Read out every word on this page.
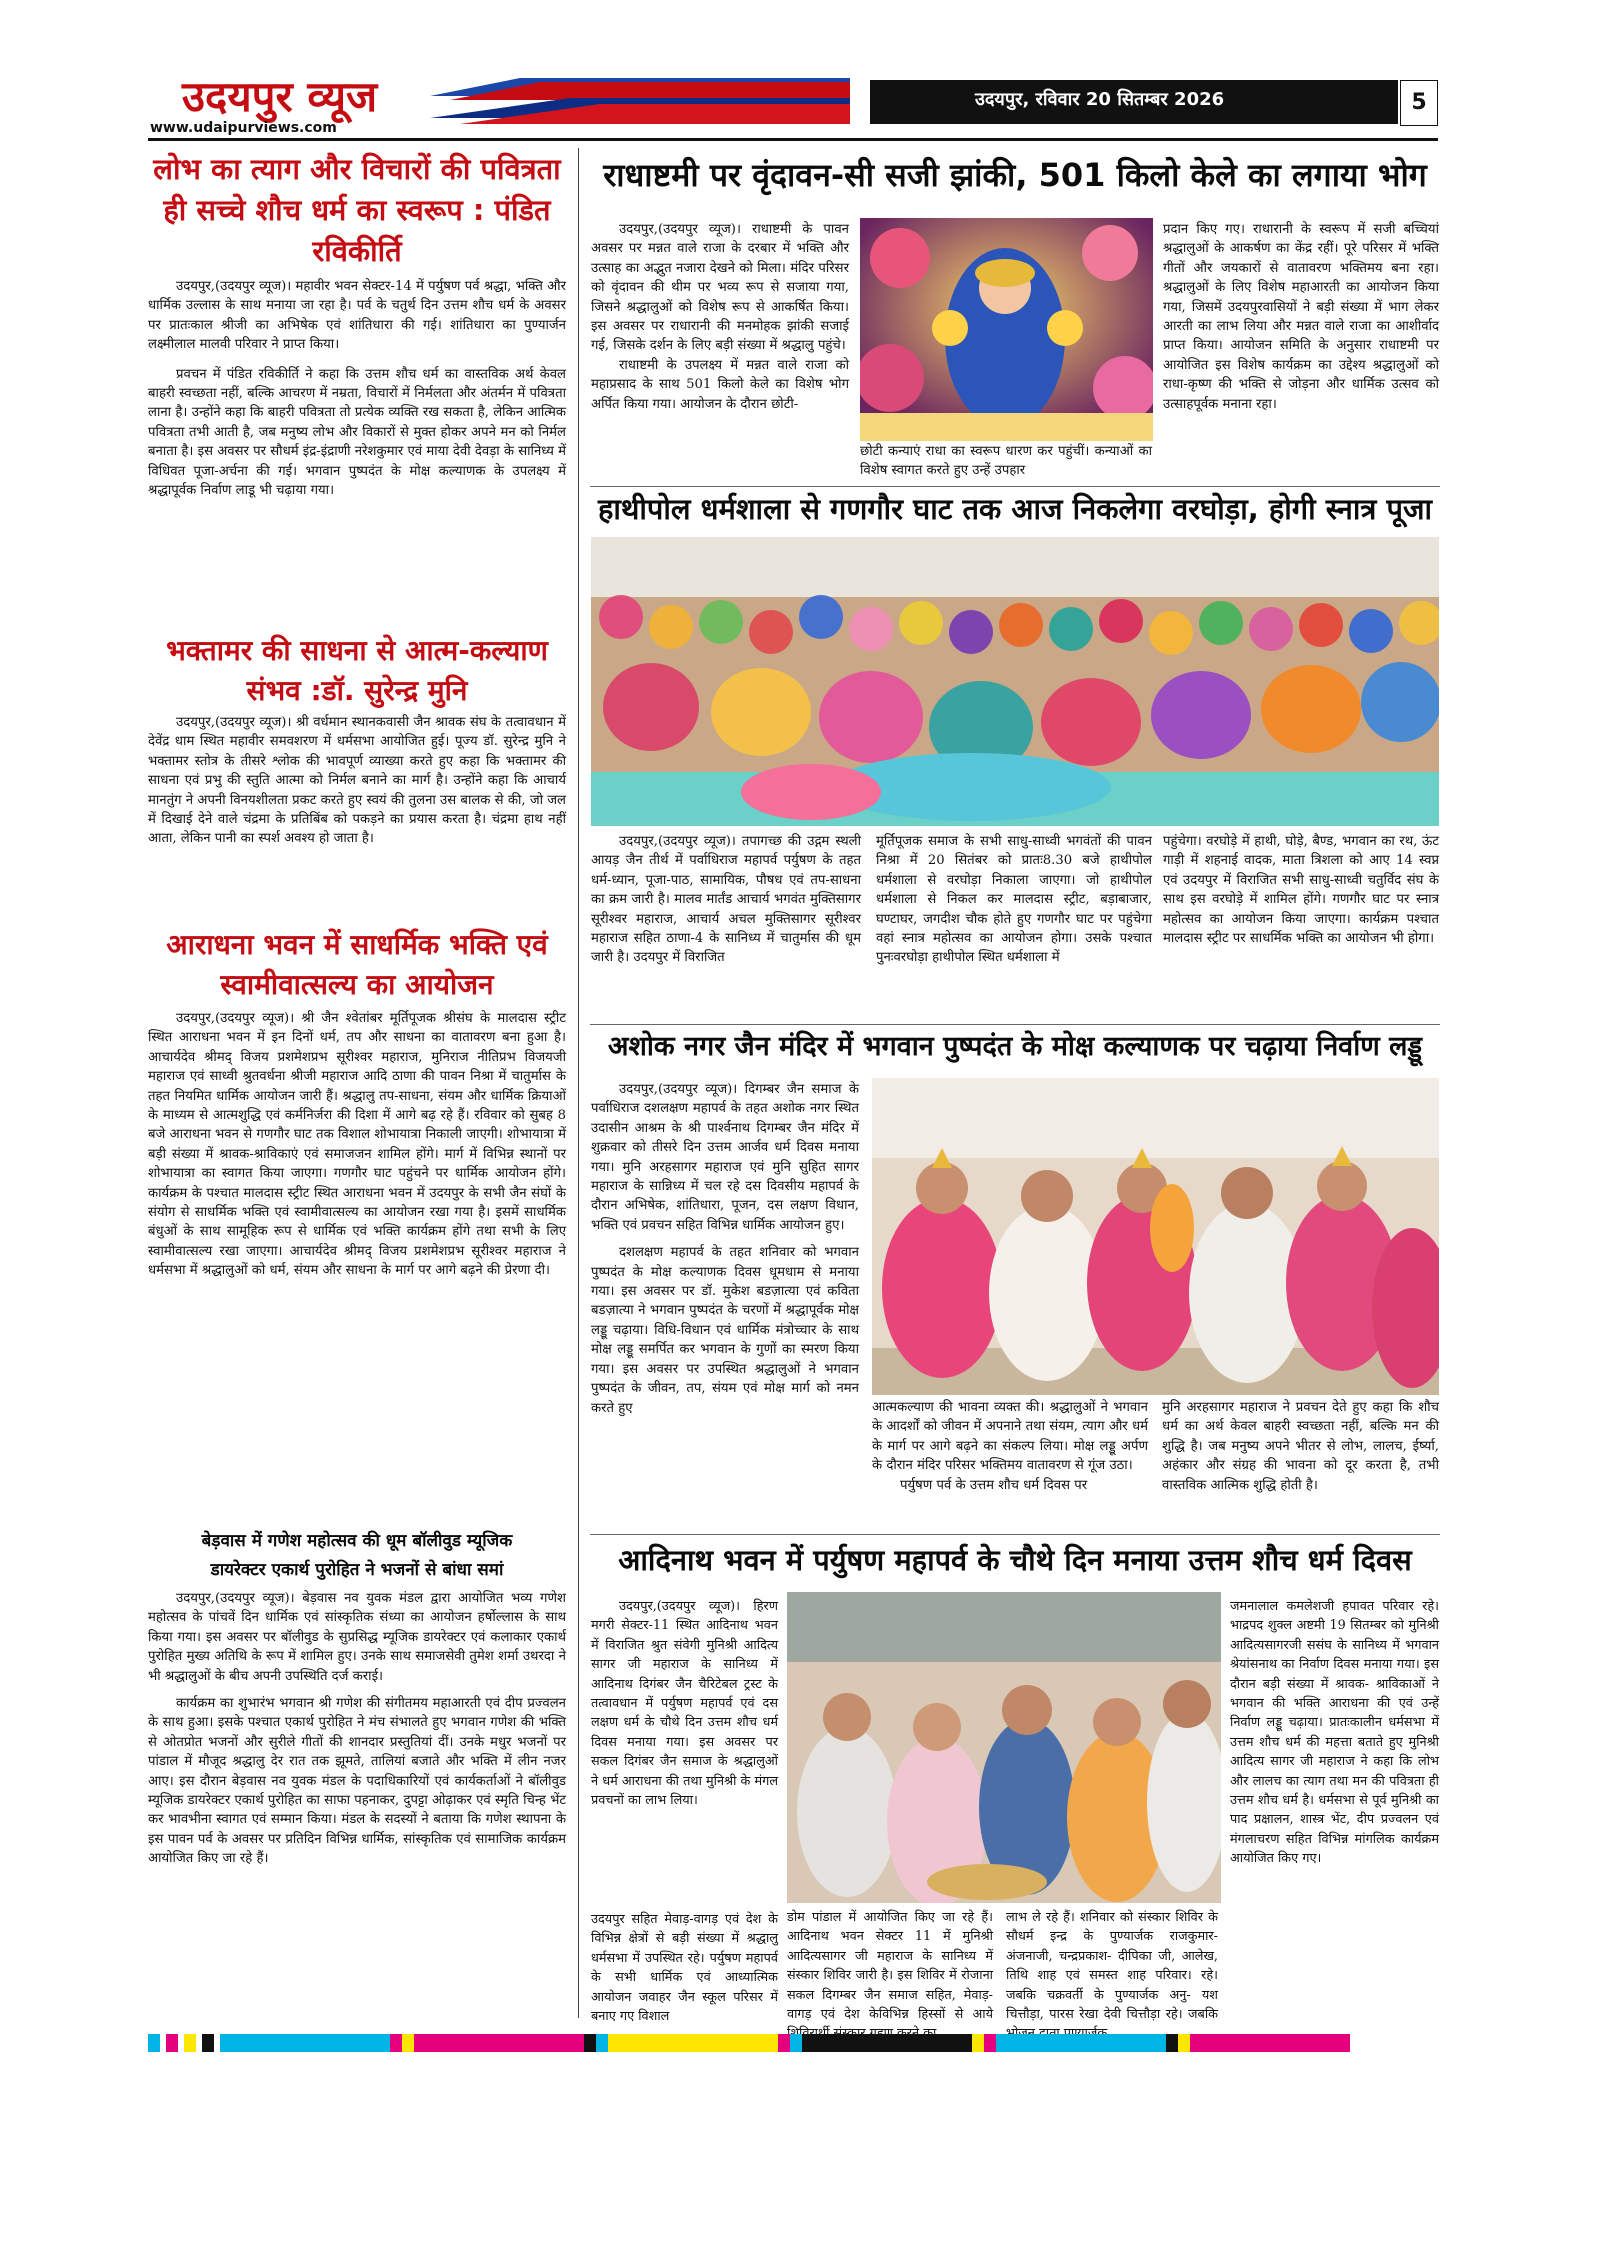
उदयपुर व्यूज
www.udaipurviews.com
उदयपुर, रविवार 20 सितम्बर 2026	5
लोभ का त्याग और विचारों की पवित्रता ही सच्चे शौच धर्म का स्वरूप : पंडित रविकीर्ति

उदयपुर,(उदयपुर व्यूज)। महावीर भवन सेक्टर-14 में पर्युषण पर्व श्रद्धा, भक्ति और धार्मिक उल्लास के साथ मनाया जा रहा है। पर्व के चतुर्थ दिन उत्तम शौच धर्म के अवसर पर प्रातःकाल श्रीजी का अभिषेक एवं शांतिधारा की गई। शांतिधारा का पुण्यार्जन लक्ष्मीलाल मालवी परिवार ने प्राप्त किया।

प्रवचन में पंडित रविकीर्ति ने कहा कि उत्तम शौच धर्म का वास्तविक अर्थ केवल बाहरी स्वच्छता नहीं, बल्कि आचरण में नम्रता, विचारों में निर्मलता और अंतर्मन में पवित्रता लाना है। उन्होंने कहा कि बाहरी पवित्रता तो प्रत्येक व्यक्ति रख सकता है, लेकिन आत्मिक पवित्रता तभी आती है, जब मनुष्य लोभ और विकारों से मुक्त होकर अपने मन को निर्मल बनाता है। इस अवसर पर सौधर्म इंद्र-इंद्राणी नरेशकुमार एवं माया देवी देवड़ा के सानिध्य में विधिवत पूजा-अर्चना की गई। भगवान पुष्पदंत के मोक्ष कल्याणक के उपलक्ष्य में श्रद्धापूर्वक निर्वाण लाडू भी चढ़ाया गया।

भक्तामर की साधना से आत्म-कल्याण संभव :डॉ. सुरेन्द्र मुनि

उदयपुर,(उदयपुर व्यूज)। श्री वर्धमान स्थानकवासी जैन श्रावक संघ के तत्वावधान में देवेंद्र धाम स्थित महावीर समवशरण में धर्मसभा आयोजित हुई। पूज्य डॉ. सुरेन्द्र मुनि ने भक्तामर स्तोत्र के तीसरे श्लोक की भावपूर्ण व्याख्या करते हुए कहा कि भक्तामर की साधना एवं प्रभु की स्तुति आत्मा को निर्मल बनाने का मार्ग है। उन्होंने कहा कि आचार्य मानतुंग ने अपनी विनयशीलता प्रकट करते हुए स्वयं की तुलना उस बालक से की, जो जल में दिखाई देने वाले चंद्रमा के प्रतिबिंब को पकड़ने का प्रयास करता है। चंद्रमा हाथ नहीं आता, लेकिन पानी का स्पर्श अवश्य हो जाता है।

आराधना भवन में साधर्मिक भक्ति एवं स्वामीवात्सल्य का आयोजन

उदयपुर,(उदयपुर व्यूज)। श्री जैन श्वेतांबर मूर्तिपूजक श्रीसंघ के मालदास स्ट्रीट स्थित आराधना भवन में इन दिनों धर्म, तप और साधना का वातावरण बना हुआ है। आचार्यदेव श्रीमद् विजय प्रशमेशप्रभ सूरीश्वर महाराज, मुनिराज नीतिप्रभ विजयजी महाराज एवं साध्वी श्रुतवर्धना श्रीजी महाराज आदि ठाणा की पावन निश्रा में चातुर्मास के तहत नियमित धार्मिक आयोजन जारी हैं। श्रद्धालु तप-साधना, संयम और धार्मिक क्रियाओं के माध्यम से आत्मशुद्धि एवं कर्मनिर्जरा की दिशा में आगे बढ़ रहे हैं। रविवार को सुबह 8 बजे आराधना भवन से गणगौर घाट तक विशाल शोभायात्रा निकाली जाएगी। शोभायात्रा में बड़ी संख्या में श्रावक-श्राविकाएं एवं समाजजन शामिल होंगे। मार्ग में विभिन्न स्थानों पर शोभायात्रा का स्वागत किया जाएगा। गणगौर घाट पहुंचने पर धार्मिक आयोजन होंगे। कार्यक्रम के पश्चात मालदास स्ट्रीट स्थित आराधना भवन में उदयपुर के सभी जैन संघों के संयोग से साधर्मिक भक्ति एवं स्वामीवात्सल्य का आयोजन रखा गया है। इसमें साधर्मिक बंधुओं के साथ सामूहिक रूप से धार्मिक एवं भक्ति कार्यक्रम होंगे तथा सभी के लिए स्वामीवात्सल्य रखा जाएगा। आचार्यदेव श्रीमद् विजय प्रशमेशप्रभ सूरीश्वर महाराज ने धर्मसभा में श्रद्धालुओं को धर्म, संयम और साधना के मार्ग पर आगे बढ़ने की प्रेरणा दी।

बेड़वास में गणेश महोत्सव की धूम बॉलीवुड म्यूजिक
डायरेक्टर एकार्थ पुरोहित ने भजनों से बांधा समां

उदयपुर,(उदयपुर व्यूज)। बेड़वास नव युवक मंडल द्वारा आयोजित भव्य गणेश महोत्सव के पांचवें दिन धार्मिक एवं सांस्कृतिक संध्या का आयोजन हर्षोल्लास के साथ किया गया। इस अवसर पर बॉलीवुड के सुप्रसिद्ध म्यूजिक डायरेक्टर एवं कलाकार एकार्थ पुरोहित मुख्य अतिथि के रूप में शामिल हुए। उनके साथ समाजसेवी तुमेश शर्मा उथरदा ने भी श्रद्धालुओं के बीच अपनी उपस्थिति दर्ज कराई।

कार्यक्रम का शुभारंभ भगवान श्री गणेश की संगीतमय महाआरती एवं दीप प्रज्वलन के साथ हुआ। इसके पश्चात एकार्थ पुरोहित ने मंच संभालते हुए भगवान गणेश की भक्ति से ओतप्रोत भजनों और सुरीले गीतों की शानदार प्रस्तुतियां दीं। उनके मधुर भजनों पर पांडाल में मौजूद श्रद्धालु देर रात तक झूमते, तालियां बजाते और भक्ति में लीन नजर आए। इस दौरान बेड़वास नव युवक मंडल के पदाधिकारियों एवं कार्यकर्ताओं ने बॉलीवुड म्यूजिक डायरेक्टर एकार्थ पुरोहित का साफा पहनाकर, दुपट्टा ओढ़ाकर एवं स्मृति चिन्ह भेंट कर भावभीना स्वागत एवं सम्मान किया। मंडल के सदस्यों ने बताया कि गणेश स्थापना के इस पावन पर्व के अवसर पर प्रतिदिन विभिन्न धार्मिक, सांस्कृतिक एवं सामाजिक कार्यक्रम आयोजित किए जा रहे हैं।

राधाष्टमी पर वृंदावन-सी सजी झांकी, 501 किलो केले का लगाया भोग

उदयपुर,(उदयपुर व्यूज)। राधाष्टमी के पावन अवसर पर मन्नत वाले राजा के दरबार में भक्ति और उत्साह का अद्भुत नजारा देखने को मिला। मंदिर परिसर को वृंदावन की थीम पर भव्य रूप से सजाया गया, जिसने श्रद्धालुओं को विशेष रूप से आकर्षित किया। इस अवसर पर राधारानी की मनमोहक झांकी सजाई गई, जिसके दर्शन के लिए बड़ी संख्या में श्रद्धालु पहुंचे।

राधाष्टमी के उपलक्ष्य में मन्नत वाले राजा को महाप्रसाद के साथ 501 किलो केले का विशेष भोग अर्पित किया गया। आयोजन के दौरान छोटी-

छोटी कन्याएं राधा का स्वरूप धारण कर पहुंचीं। कन्याओं का विशेष स्वागत करते हुए उन्हें उपहार

प्रदान किए गए। राधारानी के स्वरूप में सजी बच्चियां श्रद्धालुओं के आकर्षण का केंद्र रहीं। पूरे परिसर में भक्ति गीतों और जयकारों से वातावरण भक्तिमय बना रहा। श्रद्धालुओं के लिए विशेष महाआरती का आयोजन किया गया, जिसमें उदयपुरवासियों ने बड़ी संख्या में भाग लेकर आरती का लाभ लिया और मन्नत वाले राजा का आशीर्वाद प्राप्त किया। आयोजन समिति के अनुसार राधाष्टमी पर आयोजित इस विशेष कार्यक्रम का उद्देश्य श्रद्धालुओं को राधा-कृष्ण की भक्ति से जोड़ना और धार्मिक उत्सव को उत्साहपूर्वक मनाना रहा।

हाथीपोल धर्मशाला से गणगौर घाट तक आज निकलेगा वरघोड़ा, होगी स्नात्र पूजा

उदयपुर,(उदयपुर व्यूज)। तपागच्छ की उद्गम स्थली आयड़ जैन तीर्थ में पर्वाधिराज महापर्व पर्युषण के तहत धर्म-ध्यान, पूजा-पाठ, सामायिक, पौषध एवं तप-साधना का क्रम जारी है। मालव मार्तंड आचार्य भगवंत मुक्तिसागर सूरीश्वर महाराज, आचार्य अचल मुक्तिसागर सूरीश्वर महाराज सहित ठाणा-4 के सानिध्य में चातुर्मास की धूम जारी है। उदयपुर में विराजित

मूर्तिपूजक समाज के सभी साधु-साध्वी भगवंतों की पावन निश्रा में 20 सितंबर को प्रातः8.30 बजे हाथीपोल धर्मशाला से वरघोड़ा निकाला जाएगा। जो हाथीपोल धर्मशाला से निकल कर मालदास स्ट्रीट, बड़ाबाजार, घण्टाघर, जगदीश चौक होते हुए गणगौर घाट पर पहुंचेगा वहां स्नात्र महोत्सव का आयोजन होगा। उसके पश्चात पुनःवरघोड़ा हाथीपोल स्थित धर्मशाला में

पहुंचेगा। वरघोड़े में हाथी, घोड़े, बैण्ड, भगवान का रथ, ऊंट गाड़ी में शहनाई वादक, माता त्रिशला को आए 14 स्वप्न एवं उदयपुर में विराजित सभी साधु-साध्वी चतुर्विद संघ के साथ इस वरघोड़े में शामिल होंगे। गणगौर घाट पर स्नात्र महोत्सव का आयोजन किया जाएगा। कार्यक्रम पश्चात मालदास स्ट्रीट पर साधर्मिक भक्ति का आयोजन भी होगा।

अशोक नगर जैन मंदिर में भगवान पुष्पदंत के मोक्ष कल्याणक पर चढ़ाया निर्वाण लड्डू

उदयपुर,(उदयपुर व्यूज)। दिगम्बर जैन समाज के पर्वाधिराज दशलक्षण महापर्व के तहत अशोक नगर स्थित उदासीन आश्रम के श्री पार्श्वनाथ दिगम्बर जैन मंदिर में शुक्रवार को तीसरे दिन उत्तम आर्जव धर्म दिवस मनाया गया। मुनि अरहसागर महाराज एवं मुनि सुहित सागर महाराज के सान्निध्य में चल रहे दस दिवसीय महापर्व के दौरान अभिषेक, शांतिधारा, पूजन, दस लक्षण विधान, भक्ति एवं प्रवचन सहित विभिन्न धार्मिक आयोजन हुए।

दशलक्षण महापर्व के तहत शनिवार को भगवान पुष्पदंत के मोक्ष कल्याणक दिवस धूमधाम से मनाया गया। इस अवसर पर डॉ. मुकेश बडज़ात्या एवं कविता बडज़ात्या ने भगवान पुष्पदंत के चरणों में श्रद्धापूर्वक मोक्ष लड्डू चढ़ाया। विधि-विधान एवं धार्मिक मंत्रोच्चार के साथ मोक्ष लड्डू समर्पित कर भगवान के गुणों का स्मरण किया गया। इस अवसर पर उपस्थित श्रद्धालुओं ने भगवान पुष्पदंत के जीवन, तप, संयम एवं मोक्ष मार्ग को नमन करते हुए	आत्मकल्याण की भावना व्यक्त की। श्रद्धालुओं ने भगवान के आदर्शों को जीवन में अपनाने तथा संयम, त्याग और धर्म के मार्ग पर आगे बढ़ने का संकल्प लिया। मोक्ष लड्डू अर्पण के दौरान मंदिर परिसर भक्तिमय वातावरण से गूंज उठा।

पर्युषण पर्व के उत्तम शौच धर्म दिवस पर

मुनि अरहसागर महाराज ने प्रवचन देते हुए कहा कि शौच धर्म का अर्थ केवल बाहरी स्वच्छता नहीं, बल्कि मन की शुद्धि है। जब मनुष्य अपने भीतर से लोभ, लालच, ईर्ष्या, अहंकार और संग्रह की भावना को दूर करता है, तभी वास्तविक आत्मिक शुद्धि होती है।

आदिनाथ भवन में पर्युषण महापर्व के चौथे दिन मनाया उत्तम शौच धर्म दिवस

उदयपुर,(उदयपुर व्यूज)। हिरण मगरी सेक्टर-11 स्थित आदिनाथ भवन में विराजित श्रुत संवेगी मुनिश्री आदित्य सागर जी महाराज के सानिध्य में आदिनाथ दिगंबर जैन चैरिटेबल ट्रस्ट के तत्वावधान में पर्युषण महापर्व एवं दस लक्षण धर्म के चौथे दिन उत्तम शौच धर्म दिवस मनाया गया। इस अवसर पर सकल दिगंबर जैन समाज के श्रद्धालुओं ने धर्म आराधना की तथा मुनिश्री के मंगल प्रवचनों का लाभ लिया।

डोम पांडाल में आयोजित किए जा रहे हैं। आदिनाथ भवन सेक्टर 11 में मुनिश्री आदित्यसागर जी महाराज के सानिध्य में संस्कार शिविर जारी है। इस शिविर में रोजाना सकल दिगम्बर जैन समाज सहित, मेवाड़- वागड़ एवं देश केविभिन्न हिस्सों से आये

लाभ ले रहे हैं। शनिवार को संस्कार शिविर के सौधर्म इन्द्र के पुण्यार्जक राजकुमार- अंजनाजी, चन्द्रप्रकाश- दीपिका जी, आलेख, तिथि शाह एवं समस्त शाह परिवार। रहे। जबकि चक्रवर्ती के पुण्यार्जक अनु- यश चित्तौड़ा, पारस रेखा देवी चित्तौड़ा रहे। जबकि

उदयपुर सहित मेवाड़-वागड़ एवं देश के विभिन्न क्षेत्रों से बड़ी संख्या में श्रद्धालु धर्मसभा में उपस्थित रहे। पर्युषण महापर्व के सभी धार्मिक एवं आध्यात्मिक आयोजन जवाहर जैन स्कूल परिसर में बनाए गए विशाल

जमनालाल कमलेशजी हपावत परिवार रहे। भाद्रपद शुक्ल अष्टमी 19 सितम्बर को मुनिश्री आदित्यसागरजी ससंघ के सानिध्य में भगवान श्रेयांसनाथ का निर्वाण दिवस मनाया गया। इस दौरान बड़ी संख्या में श्रावक- श्राविकाओं ने भगवान की भक्ति आराधना की एवं उन्हें निर्वाण लड्डू चढ़ाया। प्रातःकालीन धर्मसभा में उत्तम शौच धर्म की महत्ता बताते हुए मुनिश्री आदित्य सागर जी महाराज ने कहा कि लोभ और लालच का त्याग तथा मन की पवित्रता ही उत्तम शौच धर्म है। धर्मसभा से पूर्व मुनिश्री का पाद प्रक्षालन, शास्त्र भेंट, दीप प्रज्वलन एवं मंगलाचरण सहित विभिन्न मांगलिक कार्यक्रम आयोजित किए गए।
